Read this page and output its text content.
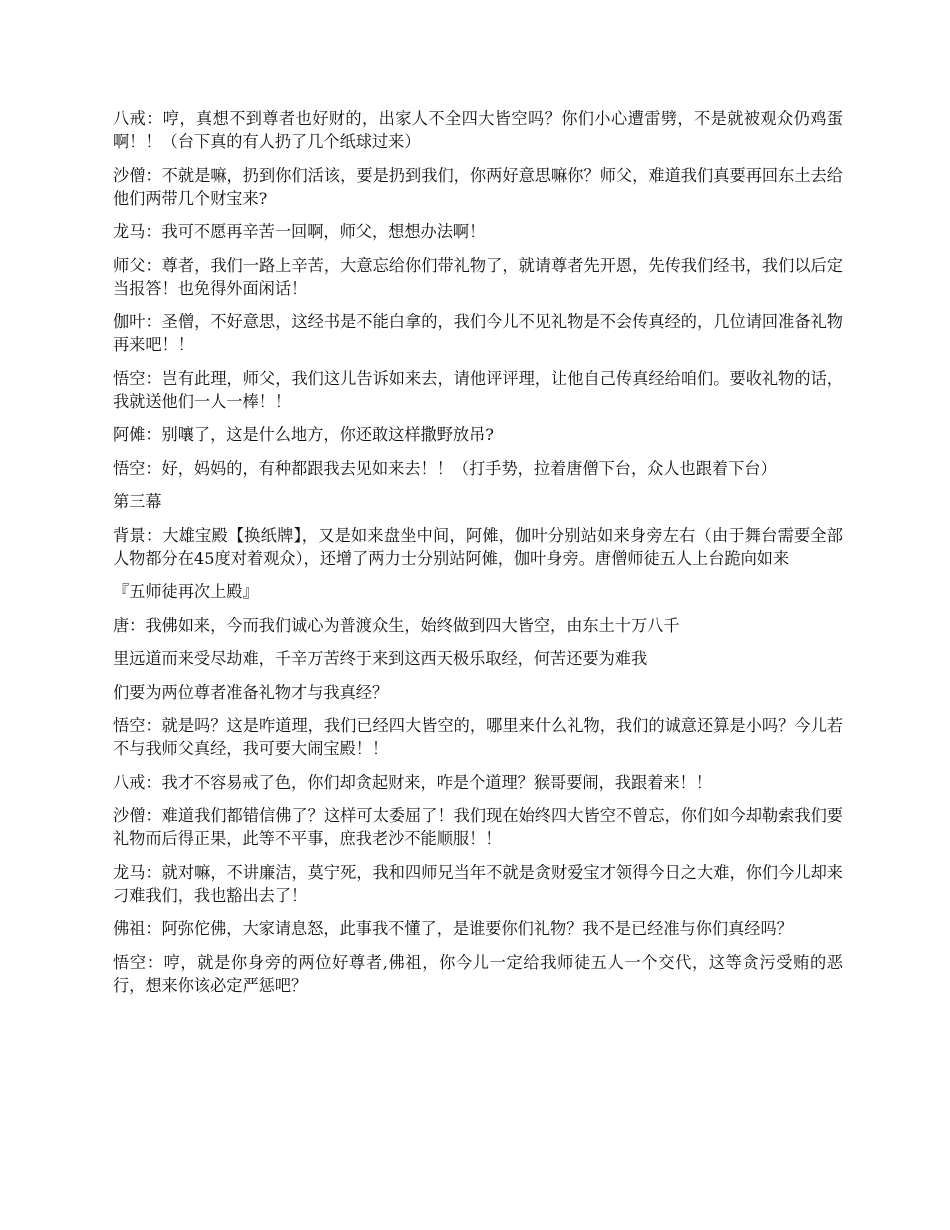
八戒：哼，真想不到尊者也好财的，出家人不全四大皆空吗？你们小心遭雷劈，不是就被观众仍鸡蛋啊！！（台下真的有人扔了几个纸球过来）

沙僧：不就是嘛，扔到你们活该，要是扔到我们，你两好意思嘛你？师父，难道我们真要再回东土去给他们两带几个财宝来?

龙马：我可不愿再辛苦一回啊，师父，想想办法啊！

师父：尊者，我们一路上辛苦，大意忘给你们带礼物了，就请尊者先开恩，先传我们经书，我们以后定当报答！也免得外面闲话！

伽叶：圣僧，不好意思，这经书是不能白拿的，我们今儿不见礼物是不会传真经的，几位请回准备礼物再来吧！！

悟空：岂有此理，师父，我们这儿告诉如来去，请他评评理，让他自己传真经给咱们。要收礼物的话，我就送他们一人一棒！！

阿傩：别嚷了，这是什么地方，你还敢这样撒野放吊?

悟空：好，妈妈的，有种都跟我去见如来去！！（打手势，拉着唐僧下台，众人也跟着下台）

第三幕

背景：大雄宝殿【换纸牌】，又是如来盘坐中间，阿傩，伽叶分别站如来身旁左右（由于舞台需要全部人物都分在45度对着观众），还增了两力士分别站阿傩，伽叶身旁。唐僧师徒五人上台跪向如来

『五师徒再次上殿』

唐：我佛如来，今而我们诚心为普渡众生，始终做到四大皆空，由东土十万八千

里远道而来受尽劫难，千辛万苦终于来到这西天极乐取经，何苦还要为难我

们要为两位尊者准备礼物才与我真经？

悟空：就是吗？这是咋道理，我们已经四大皆空的，哪里来什么礼物，我们的诚意还算是小吗？今儿若不与我师父真经，我可要大闹宝殿！！

八戒：我才不容易戒了色，你们却贪起财来，咋是个道理？猴哥要闹，我跟着来！！

沙僧：难道我们都错信佛了？这样可太委屈了！我们现在始终四大皆空不曾忘，你们如今却勒索我们要礼物而后得正果，此等不平事，庶我老沙不能顺服！！

龙马：就对嘛，不讲廉洁，莫宁死，我和四师兄当年不就是贪财爱宝才领得今日之大难，你们今儿却来刁难我们，我也豁出去了！

佛祖：阿弥佗佛，大家请息怒，此事我不懂了，是谁要你们礼物？我不是已经准与你们真经吗？

悟空：哼，就是你身旁的两位好尊者,佛祖，你今儿一定给我师徒五人一个交代，这等贪污受贿的恶行，想来你该必定严惩吧？
